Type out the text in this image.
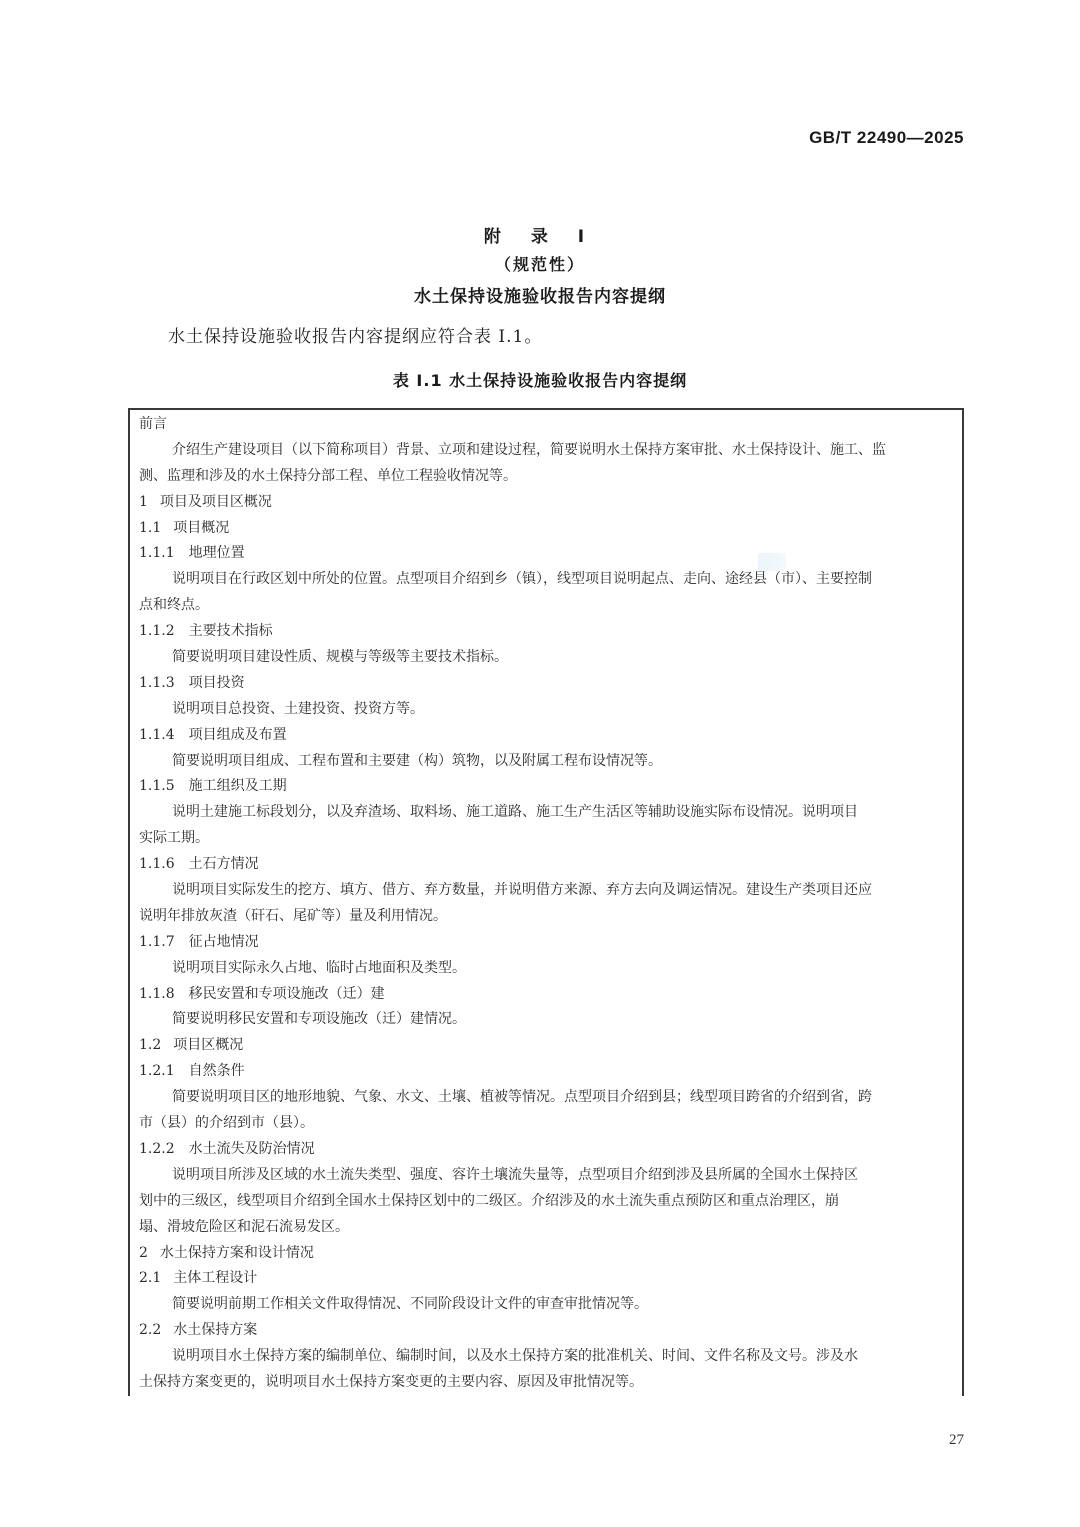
GB/T 22490—2025
附 录 I
（规范性）
水土保持设施验收报告内容提纲
水土保持设施验收报告内容提纲应符合表 I.1。
表 I.1 水土保持设施验收报告内容提纲
前言
介绍生产建设项目（以下简称项目）背景、立项和建设过程，简要说明水土保持方案审批、水土保持设计、施工、监
测、监理和涉及的水土保持分部工程、单位工程验收情况等。
1 项目及项目区概况
1.1 项目概况
1.1.1 地理位置
说明项目在行政区划中所处的位置。点型项目介绍到乡（镇），线型项目说明起点、走向、途经县（市）、主要控制
点和终点。
1.1.2 主要技术指标
简要说明项目建设性质、规模与等级等主要技术指标。
1.1.3 项目投资
说明项目总投资、土建投资、投资方等。
1.1.4 项目组成及布置
简要说明项目组成、工程布置和主要建（构）筑物，以及附属工程布设情况等。
1.1.5 施工组织及工期
说明土建施工标段划分，以及弃渣场、取料场、施工道路、施工生产生活区等辅助设施实际布设情况。说明项目
实际工期。
1.1.6 土石方情况
说明项目实际发生的挖方、填方、借方、弃方数量，并说明借方来源、弃方去向及调运情况。建设生产类项目还应
说明年排放灰渣（矸石、尾矿等）量及利用情况。
1.1.7 征占地情况
说明项目实际永久占地、临时占地面积及类型。
1.1.8 移民安置和专项设施改（迁）建
简要说明移民安置和专项设施改（迁）建情况。
1.2 项目区概况
1.2.1 自然条件
简要说明项目区的地形地貌、气象、水文、土壤、植被等情况。点型项目介绍到县；线型项目跨省的介绍到省，跨
市（县）的介绍到市（县）。
1.2.2 水土流失及防治情况
说明项目所涉及区域的水土流失类型、强度、容许土壤流失量等，点型项目介绍到涉及县所属的全国水土保持区
划中的三级区，线型项目介绍到全国水土保持区划中的二级区。介绍涉及的水土流失重点预防区和重点治理区，崩
塌、滑坡危险区和泥石流易发区。
2 水土保持方案和设计情况
2.1 主体工程设计
简要说明前期工作相关文件取得情况、不同阶段设计文件的审查审批情况等。
2.2 水土保持方案
说明项目水土保持方案的编制单位、编制时间，以及水土保持方案的批准机关、时间、文件名称及文号。涉及水
土保持方案变更的，说明项目水土保持方案变更的主要内容、原因及审批情况等。
27
